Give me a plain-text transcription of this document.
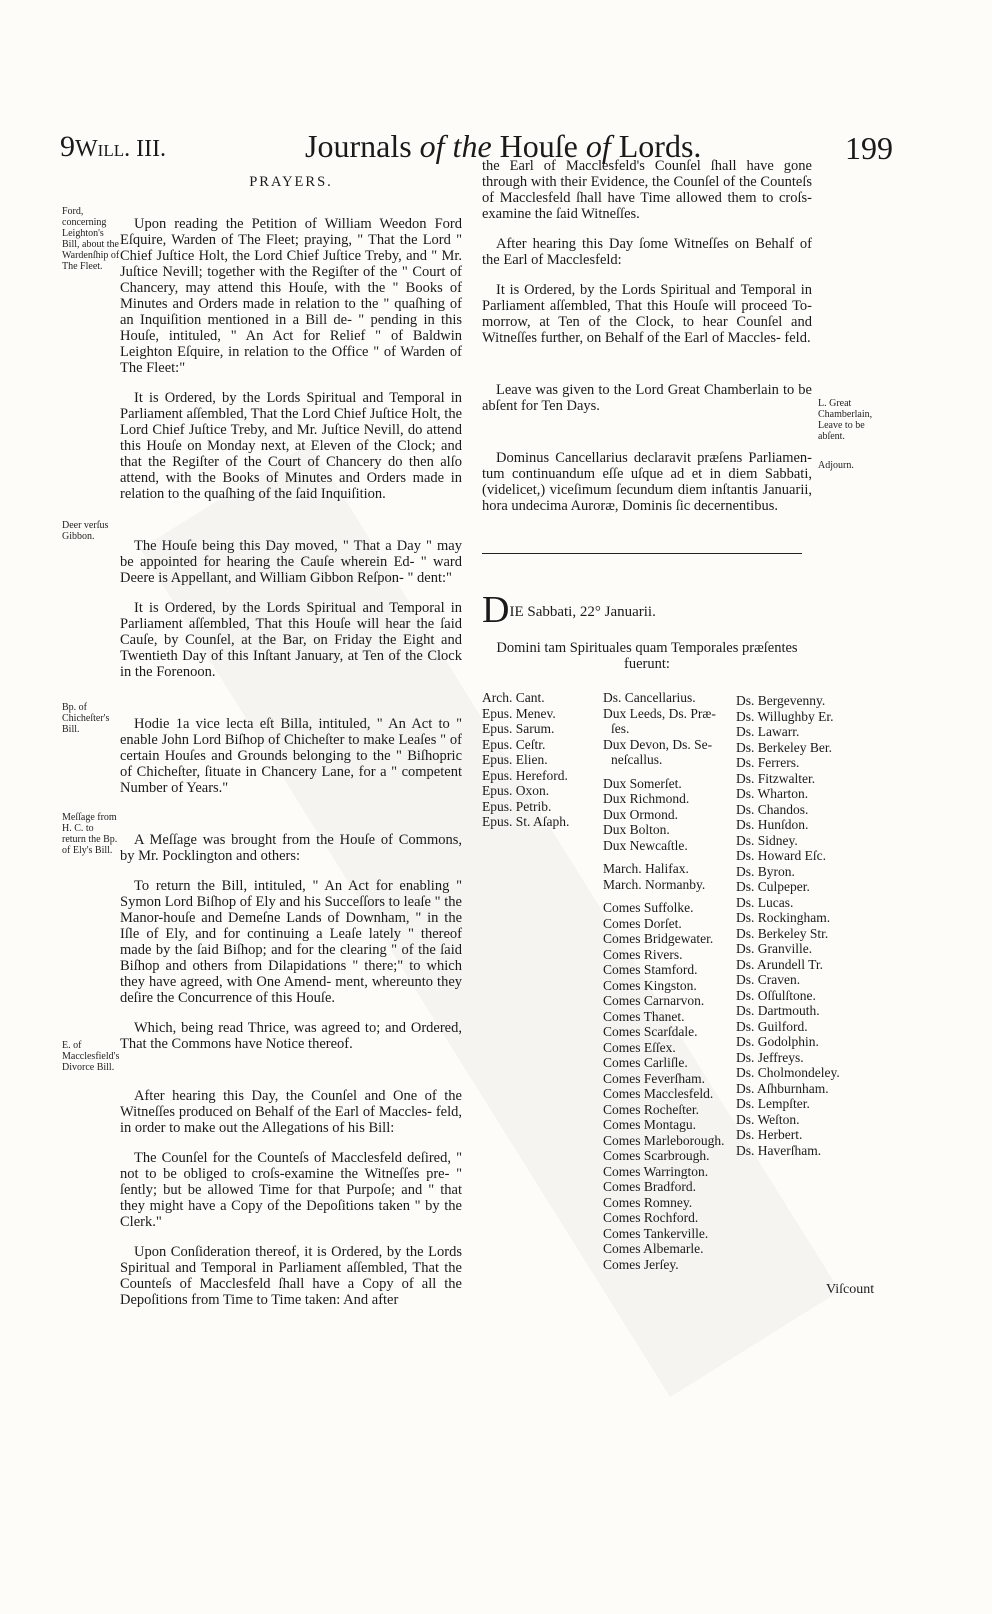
9Will. III.	Journals of the Houſe of Lords.	199
Ford, concerning Leighton's Bill, about the Wardenſhip of The Fleet.
Deer verſus Gibbon.
Bp. of Chicheſter's Bill.
Meſſage from H. C. to return the Bp. of Ely's Bill.
E. of Macclesfield's Divorce Bill.
L. Great Chamberlain, Leave to be abſent.
Adjourn.

PRAYERS.

Upon reading the Petition of William Weedon Ford Eſquire, Warden of The Fleet; praying, " That the Lord " Chief Juſtice Holt, the Lord Chief Juſtice Treby, and " Mr. Juſtice Nevill; together with the Regiſter of the " Court of Chancery, may attend this Houſe, with the " Books of Minutes and Orders made in relation to the " quaſhing of an Inquiſition mentioned in a Bill de- " pending in this Houſe, intituled, " An Act for Relief " of Baldwin Leighton Eſquire, in relation to the Office " of Warden of The Fleet:"

It is Ordered, by the Lords Spiritual and Temporal in Parliament aſſembled, That the Lord Chief Juſtice Holt, the Lord Chief Juſtice Treby, and Mr. Juſtice Nevill, do attend this Houſe on Monday next, at Eleven of the Clock; and that the Regiſter of the Court of Chancery do then alſo attend, with the Books of Minutes and Orders made in relation to the quaſhing of the ſaid Inquiſition.

The Houſe being this Day moved, " That a Day " may be appointed for hearing the Cauſe wherein Ed- " ward Deere is Appellant, and William Gibbon Reſpon- " dent:"

It is Ordered, by the Lords Spiritual and Temporal in Parliament aſſembled, That this Houſe will hear the ſaid Cauſe, by Counſel, at the Bar, on Friday the Eight and Twentieth Day of this Inſtant January, at Ten of the Clock in the Forenoon.

Hodie 1a vice lecta eſt Billa, intituled, " An Act to " enable John Lord Biſhop of Chicheſter to make Leaſes " of certain Houſes and Grounds belonging to the " Biſhopric of Chicheſter, ſituate in Chancery Lane, for a " competent Number of Years."

A Meſſage was brought from the Houſe of Commons, by Mr. Pocklington and others:

To return the Bill, intituled, " An Act for enabling " Symon Lord Biſhop of Ely and his Succeſſors to leaſe " the Manor-houſe and Demeſne Lands of Downham, " in the Iſle of Ely, and for continuing a Leaſe lately " thereof made by the ſaid Biſhop; and for the clearing " of the ſaid Biſhop and others from Dilapidations " there;" to which they have agreed, with One Amend- ment, whereunto they deſire the Concurrence of this Houſe.

Which, being read Thrice, was agreed to; and Ordered, That the Commons have Notice thereof.

After hearing this Day, the Counſel and One of the Witneſſes produced on Behalf of the Earl of Maccles- feld, in order to make out the Allegations of his Bill:

The Counſel for the Counteſs of Macclesfeld deſired, " not to be obliged to croſs-examine the Witneſſes pre- " ſently; but be allowed Time for that Purpoſe; and " that they might have a Copy of the Depoſitions taken " by the Clerk."

Upon Conſideration thereof, it is Ordered, by the Lords Spiritual and Temporal in Parliament aſſembled, That the Counteſs of Macclesfeld ſhall have a Copy of all the Depoſitions from Time to Time taken: And after

the Earl of Macclesfeld's Counſel ſhall have gone through with their Evidence, the Counſel of the Counteſs of Macclesfeld ſhall have Time allowed them to croſs-examine the ſaid Witneſſes.

After hearing this Day ſome Witneſſes on Behalf of the Earl of Macclesfeld:

It is Ordered, by the Lords Spiritual and Temporal in Parliament aſſembled, That this Houſe will proceed To-morrow, at Ten of the Clock, to hear Counſel and Witneſſes further, on Behalf of the Earl of Maccles- feld.

Leave was given to the Lord Great Chamberlain to be abſent for Ten Days.

Dominus Cancellarius declaravit præſens Parliamen- tum continuandum eſſe uſque ad et in diem Sabbati, (videlicet,) viceſimum ſecundum diem inſtantis Januarii, hora undecima Auroræ, Dominis ſic decernentibus.

DIE Sabbati, 22° Januarii.
Domini tam Spirituales quam Temporales præſentes fuerunt:
Arch. Cant.
Epus. Menev.
Epus. Sarum.
Epus. Ceſtr.
Epus. Elien.
Epus. Hereford.
Epus. Oxon.
Epus. Petrib.
Epus. St. Aſaph.
Ds. Cancellarius.
Dux Leeds, Ds. Præ-
ſes.
Dux Devon, Ds. Se-
neſcallus.
Dux Somerſet.
Dux Richmond.
Dux Ormond.
Dux Bolton.
Dux Newcaſtle.
March. Halifax.
March. Normanby.
Comes Suffolke.
Comes Dorſet.
Comes Bridgewater.
Comes Rivers.
Comes Stamford.
Comes Kingston.
Comes Carnarvon.
Comes Thanet.
Comes Scarſdale.
Comes Eſſex.
Comes Carliſle.
Comes Feverſham.
Comes Macclesfeld.
Comes Rocheſter.
Comes Montagu.
Comes Marleborough.
Comes Scarbrough.
Comes Warrington.
Comes Bradford.
Comes Romney.
Comes Rochford.
Comes Tankerville.
Comes Albemarle.
Comes Jerſey.
Ds. Bergevenny.
Ds. Willughby Er.
Ds. Lawarr.
Ds. Berkeley Ber.
Ds. Ferrers.
Ds. Fitzwalter.
Ds. Wharton.
Ds. Chandos.
Ds. Hunſdon.
Ds. Sidney.
Ds. Howard Eſc.
Ds. Byron.
Ds. Culpeper.
Ds. Lucas.
Ds. Rockingham.
Ds. Berkeley Str.
Ds. Granville.
Ds. Arundell Tr.
Ds. Craven.
Ds. Oſſulſtone.
Ds. Dartmouth.
Ds. Guilford.
Ds. Godolphin.
Ds. Jeffreys.
Ds. Cholmondeley.
Ds. Aſhburnham.
Ds. Lempſter.
Ds. Weſton.
Ds. Herbert.
Ds. Haverſham.
Viſcount
